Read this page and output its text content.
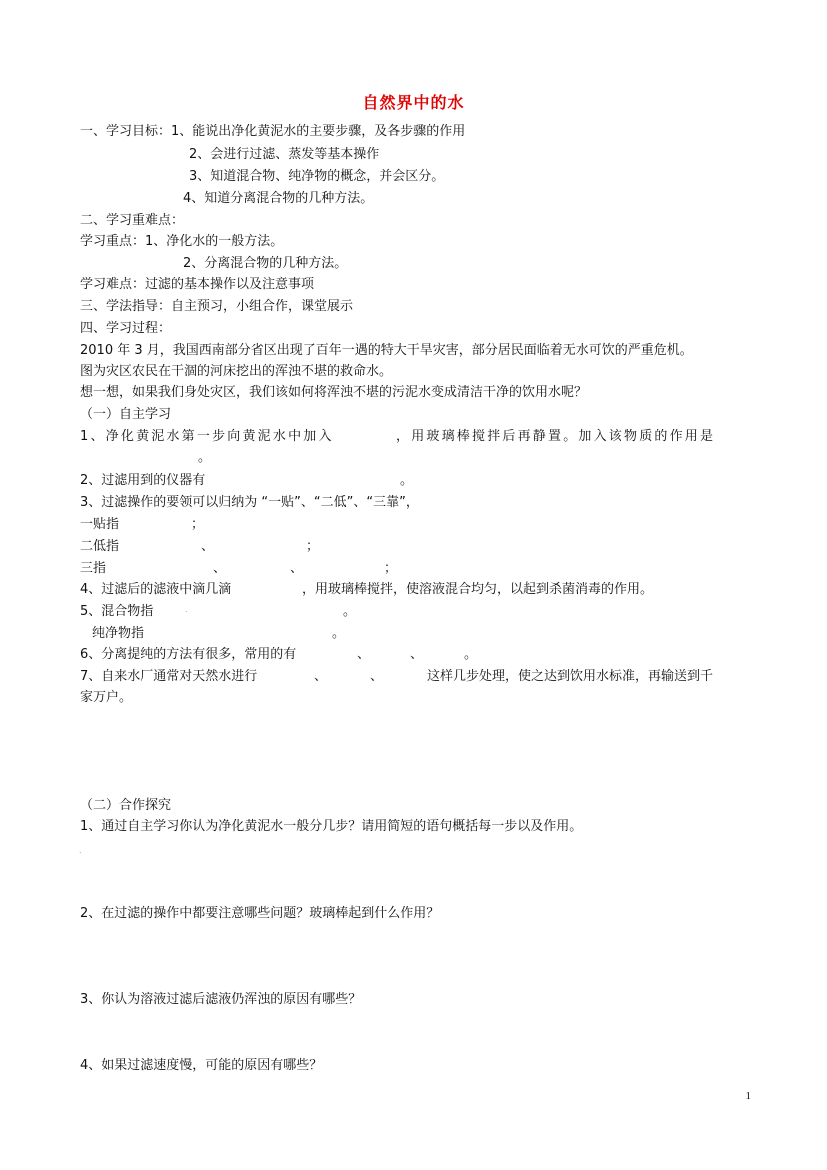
自然界中的水
一、学习目标：1、能说出净化黄泥水的主要步骤，及各步骤的作用
2、会进行过滤、蒸发等基本操作
3、知道混合物、纯净物的概念，并会区分。
4、知道分离混合物的几种方法。
二、学习重难点：
学习重点：1、净化水的一般方法。
2、分离混合物的几种方法。
学习难点：过滤的基本操作以及注意事项
三、学法指导：自主预习，小组合作，课堂展示
四、学习过程：
2010 年 3 月，我国西南部分省区出现了百年一遇的特大干旱灾害，部分居民面临着无水可饮的严重危机。
图为灾区农民在干涸的河床挖出的浑浊不堪的救命水。
想一想，如果我们身处灾区，我们该如何将浑浊不堪的污泥水变成清洁干净的饮用水呢？
（一）自主学习
1、净化黄泥水第一步向黄泥水中加入	，用玻璃棒搅拌后再静置。加入该物质的作用是
。
2、过滤用到的仪器有	。
3、过滤操作的要领可以归纳为 “一贴”、“二低”、“三靠”，
一贴指	；
二低指	、	；
三指	、	、	；
4、过滤后的滤液中滴几滴	，用玻璃棒搅拌，使溶液混合均匀，以起到杀菌消毒的作用。
5、混合物指	.	。
纯净物指	。
6、分离提纯的方法有很多，常用的有	、	、	。
7、自来水厂通常对天然水进行	、	、	这样几步处理，使之达到饮用水标准，再输送到千
家万户。
（二）合作探究
1、通过自主学习你认为净化黄泥水一般分几步？请用简短的语句概括每一步以及作用。
.
2、在过滤的操作中都要注意哪些问题？玻璃棒起到什么作用？
3、你认为溶液过滤后滤液仍浑浊的原因有哪些？
4、如果过滤速度慢，可能的原因有哪些？
1
